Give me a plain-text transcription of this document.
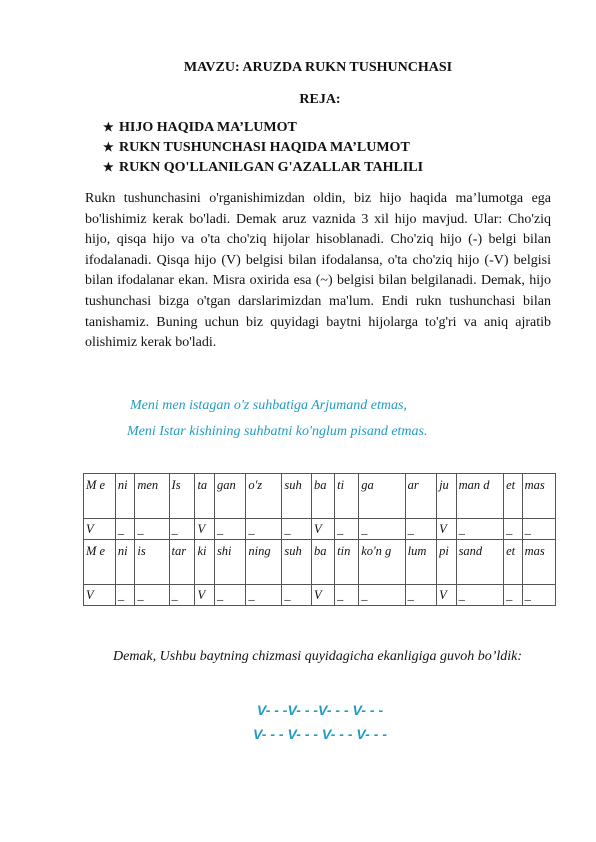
MAVZU: ARUZDA RUKN TUSHUNCHASI
REJA:
★ HIJO HAQIDA MA’LUMOT
★ RUKN TUSHUNCHASI HAQIDA MA’LUMOT
★ RUKN QO'LLANILGAN G'AZALLAR TAHLILI

Rukn tushunchasini o'rganishimizdan oldin, biz hijo haqida ma’lumotga ega bo'lishimiz kerak bo'ladi. Demak aruz vaznida 3 xil hijo mavjud. Ular: Cho'ziq hijo, qisqa hijo va o'ta cho'ziq hijolar hisoblanadi. Cho'ziq hijo (-) belgi bilan ifodalanadi. Qisqa hijo (V) belgisi bilan ifodalansa, o'ta cho'ziq hijo (-V) belgisi bilan ifodalanar ekan. Misra oxirida esa (~) belgisi bilan belgilanadi. Demak, hijo tushunchasi bizga o'tgan darslarimizdan ma'lum. Endi rukn tushunchasi bilan tanishamiz. Buning uchun biz quyidagi baytni hijolarga to'g'ri va aniq ajratib olishimiz kerak bo'ladi.

Meni men istagan o'z suhbatiga Arjumand etmas,
Meni Istar kishining suhbatni ko'nglum pisand etmas.
M e	ni	men	Is	ta	gan	o'z	suh	ba	ti	ga	ar	ju	man d	et	mas
V	_	_	_	V	_	_	_	V	_	_	_	V	_	_	_
M e	ni	is	tar	ki	shi	ning	suh	ba	tin	ko'n g	lum	pi	sand	et	mas
V	_	_	_	V	_	_	_	V	_	_	_	V	_	_	_

Demak, Ushbu baytning chizmasi quyidagicha ekanligiga guvoh bo’ldik:

V- - -V- - -V- - - V- - -
V- - - V- - - V- - - V- - -
